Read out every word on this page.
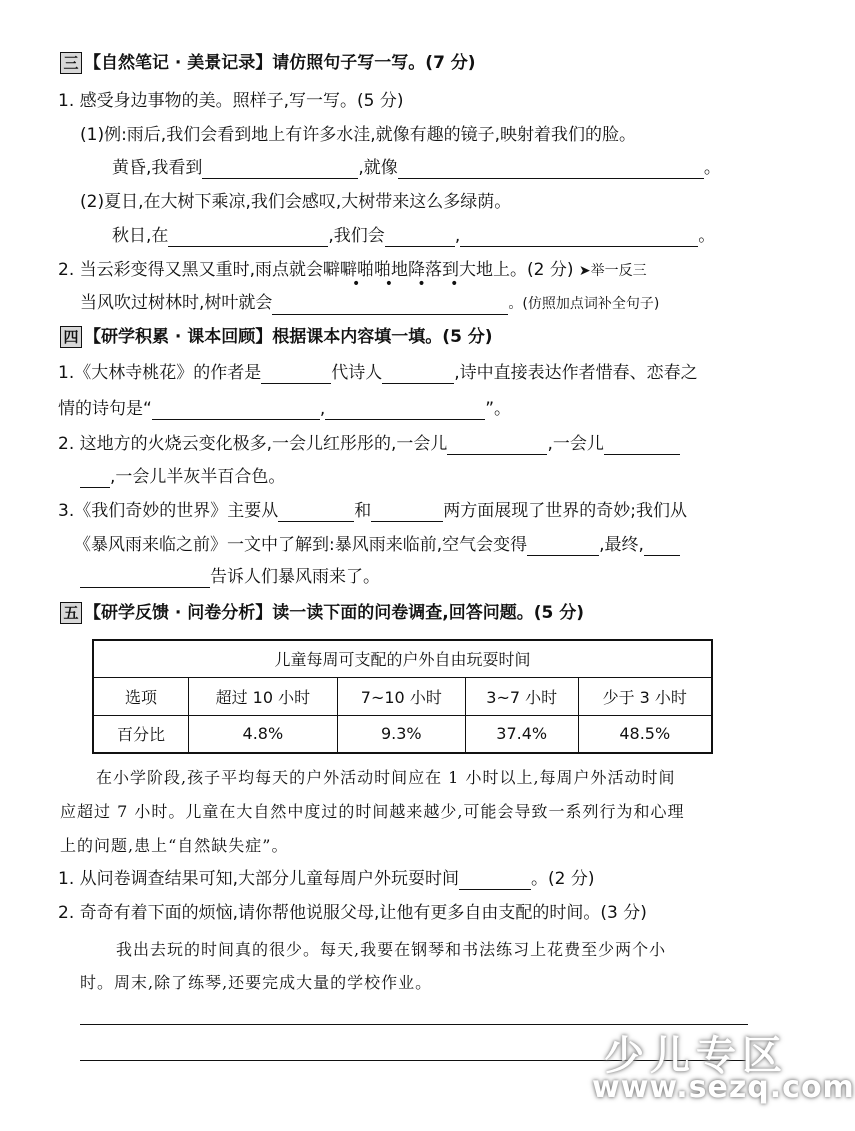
三 【自然笔记 · 美景记录】请仿照句子写一写。(7 分)
1. 感受身边事物的美。照样子,写一写。(5 分)
(1)例:雨后,我们会看到地上有许多水洼,就像有趣的镜子,映射着我们的脸。
黄昏,我看到	,就像	。
(2)夏日,在大树下乘凉,我们会感叹,大树带来这么多绿荫。
秋日,在	,我们会	,	。
2. 当云彩变得又黑又重时,雨点就会噼噼啪啪地降落到大地上。(2 分) ➤举一反三
• • • •
当风吹过树林时,树叶就会	。(仿照加点词补全句子)
四 【研学积累 · 课本回顾】根据课本内容填一填。(5 分)
1.《大林寺桃花》的作者是	代诗人	,诗中直接表达作者惜春、恋春之
情的诗句是“	,	”。
2. 这地方的火烧云变化极多,一会儿红彤彤的,一会儿	,一会儿
,一会儿半灰半百合色。
3.《我们奇妙的世界》主要从	和	两方面展现了世界的奇妙;我们从
《暴风雨来临之前》一文中了解到:暴风雨来临前,空气会变得	,最终,
告诉人们暴风雨来了。
五 【研学反馈 · 问卷分析】读一读下面的问卷调查,回答问题。(5 分)
儿童每周可支配的户外自由玩耍时间				
选项	超过 10 小时	7~10 小时	3~7 小时	少于 3 小时
百分比	4.8%	9.3%	37.4%	48.5%
在小学阶段,孩子平均每天的户外活动时间应在 1 小时以上,每周户外活动时间
应超过 7 小时。儿童在大自然中度过的时间越来越少,可能会导致一系列行为和心理
上的问题,患上“自然缺失症”。
1. 从问卷调查结果可知,大部分儿童每周户外玩耍时间	。(2 分)
2. 奇奇有着下面的烦恼,请你帮他说服父母,让他有更多自由支配的时间。(3 分)
我出去玩的时间真的很少。每天,我要在钢琴和书法练习上花费至少两个小
时。周末,除了练琴,还要完成大量的学校作业。
少儿专区
www.sezq.com
